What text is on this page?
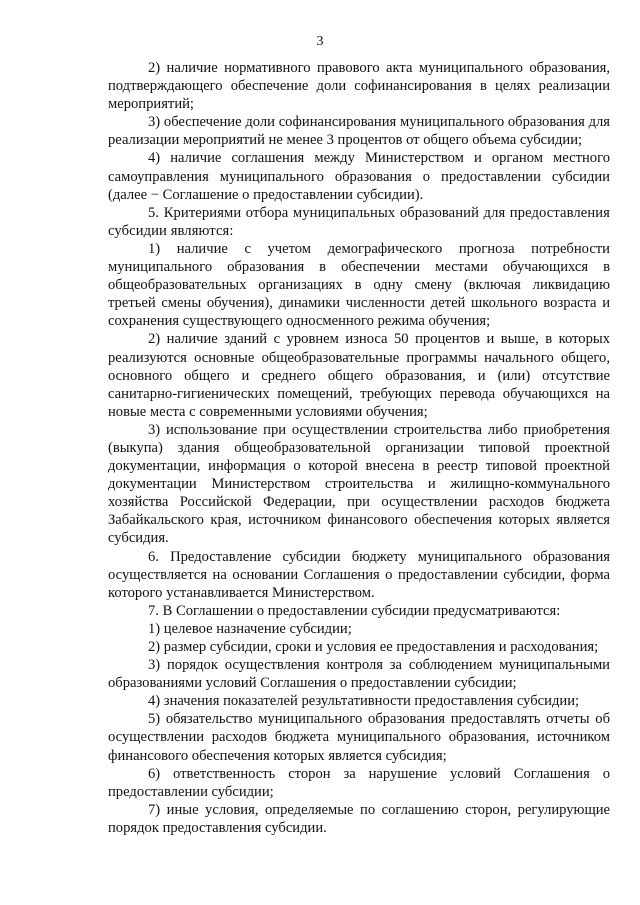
3

2) наличие нормативного правового акта муниципального образования, подтверждающего обеспечение доли софинансирования в целях реализации мероприятий;

3) обеспечение доли софинансирования муниципального образования для реализации мероприятий не менее 3 процентов от общего объема субсидии;

4) наличие соглашения между Министерством и органом местного самоуправления муниципального образования о предоставлении субсидии (далее − Соглашение о предоставлении субсидии).

5. Критериями отбора муниципальных образований для предоставления субсидии являются:

1) наличие с учетом демографического прогноза потребности муниципального образования в обеспечении местами обучающихся в общеобразовательных организациях в одну смену (включая ликвидацию третьей смены обучения), динамики численности детей школьного возраста и сохранения существующего односменного режима обучения;

2) наличие зданий с уровнем износа 50 процентов и выше, в которых реализуются основные общеобразовательные программы начального общего, основного общего и среднего общего образования, и (или) отсутствие санитарно-гигиенических помещений, требующих перевода обучающихся на новые места с современными условиями обучения;

3) использование при осуществлении строительства либо приобретения (выкупа) здания общеобразовательной организации типовой проектной документации, информация о которой внесена в реестр типовой проектной документации Министерством строительства и жилищно-коммунального хозяйства Российской Федерации, при осуществлении расходов бюджета Забайкальского края, источником финансового обеспечения которых является субсидия.

6. Предоставление субсидии бюджету муниципального образования осуществляется на основании Соглашения о предоставлении субсидии, форма которого устанавливается Министерством.

7. В Соглашении о предоставлении субсидии предусматриваются:

1) целевое назначение субсидии;

2) размер субсидии, сроки и условия ее предоставления и расходования;

3) порядок осуществления контроля за соблюдением муниципальными образованиями условий Соглашения о предоставлении субсидии;

4) значения показателей результативности предоставления субсидии;

5) обязательство муниципального образования предоставлять отчеты об осуществлении расходов бюджета муниципального образования, источником финансового обеспечения которых является субсидия;

6) ответственность сторон за нарушение условий Соглашения о предоставлении субсидии;

7) иные условия, определяемые по соглашению сторон, регулирующие порядок предоставления субсидии.
